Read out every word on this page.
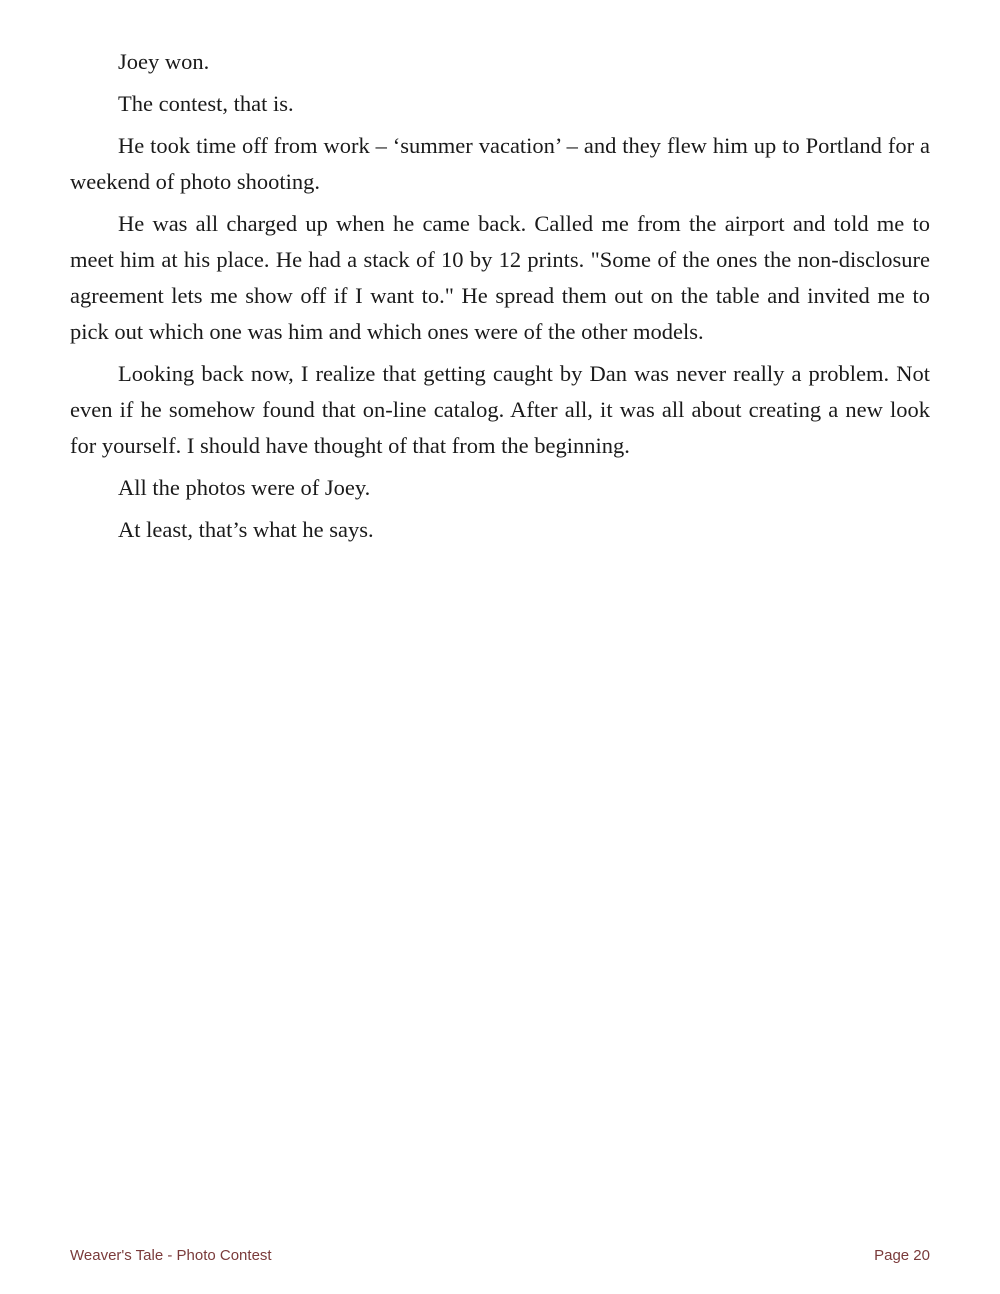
Joey won.

The contest, that is.

He took time off from work – ‘summer vacation’ – and they flew him up to Portland for a weekend of photo shooting.

He was all charged up when he came back. Called me from the airport and told me to meet him at his place. He had a stack of 10 by 12 prints. "Some of the ones the non-disclosure agreement lets me show off if I want to." He spread them out on the table and invited me to pick out which one was him and which ones were of the other models.

Looking back now, I realize that getting caught by Dan was never really a problem. Not even if he somehow found that on-line catalog. After all, it was all about creating a new look for yourself. I should have thought of that from the beginning.

All the photos were of Joey.

At least, that’s what he says.

Weaver's Tale - Photo Contest	Page 20
